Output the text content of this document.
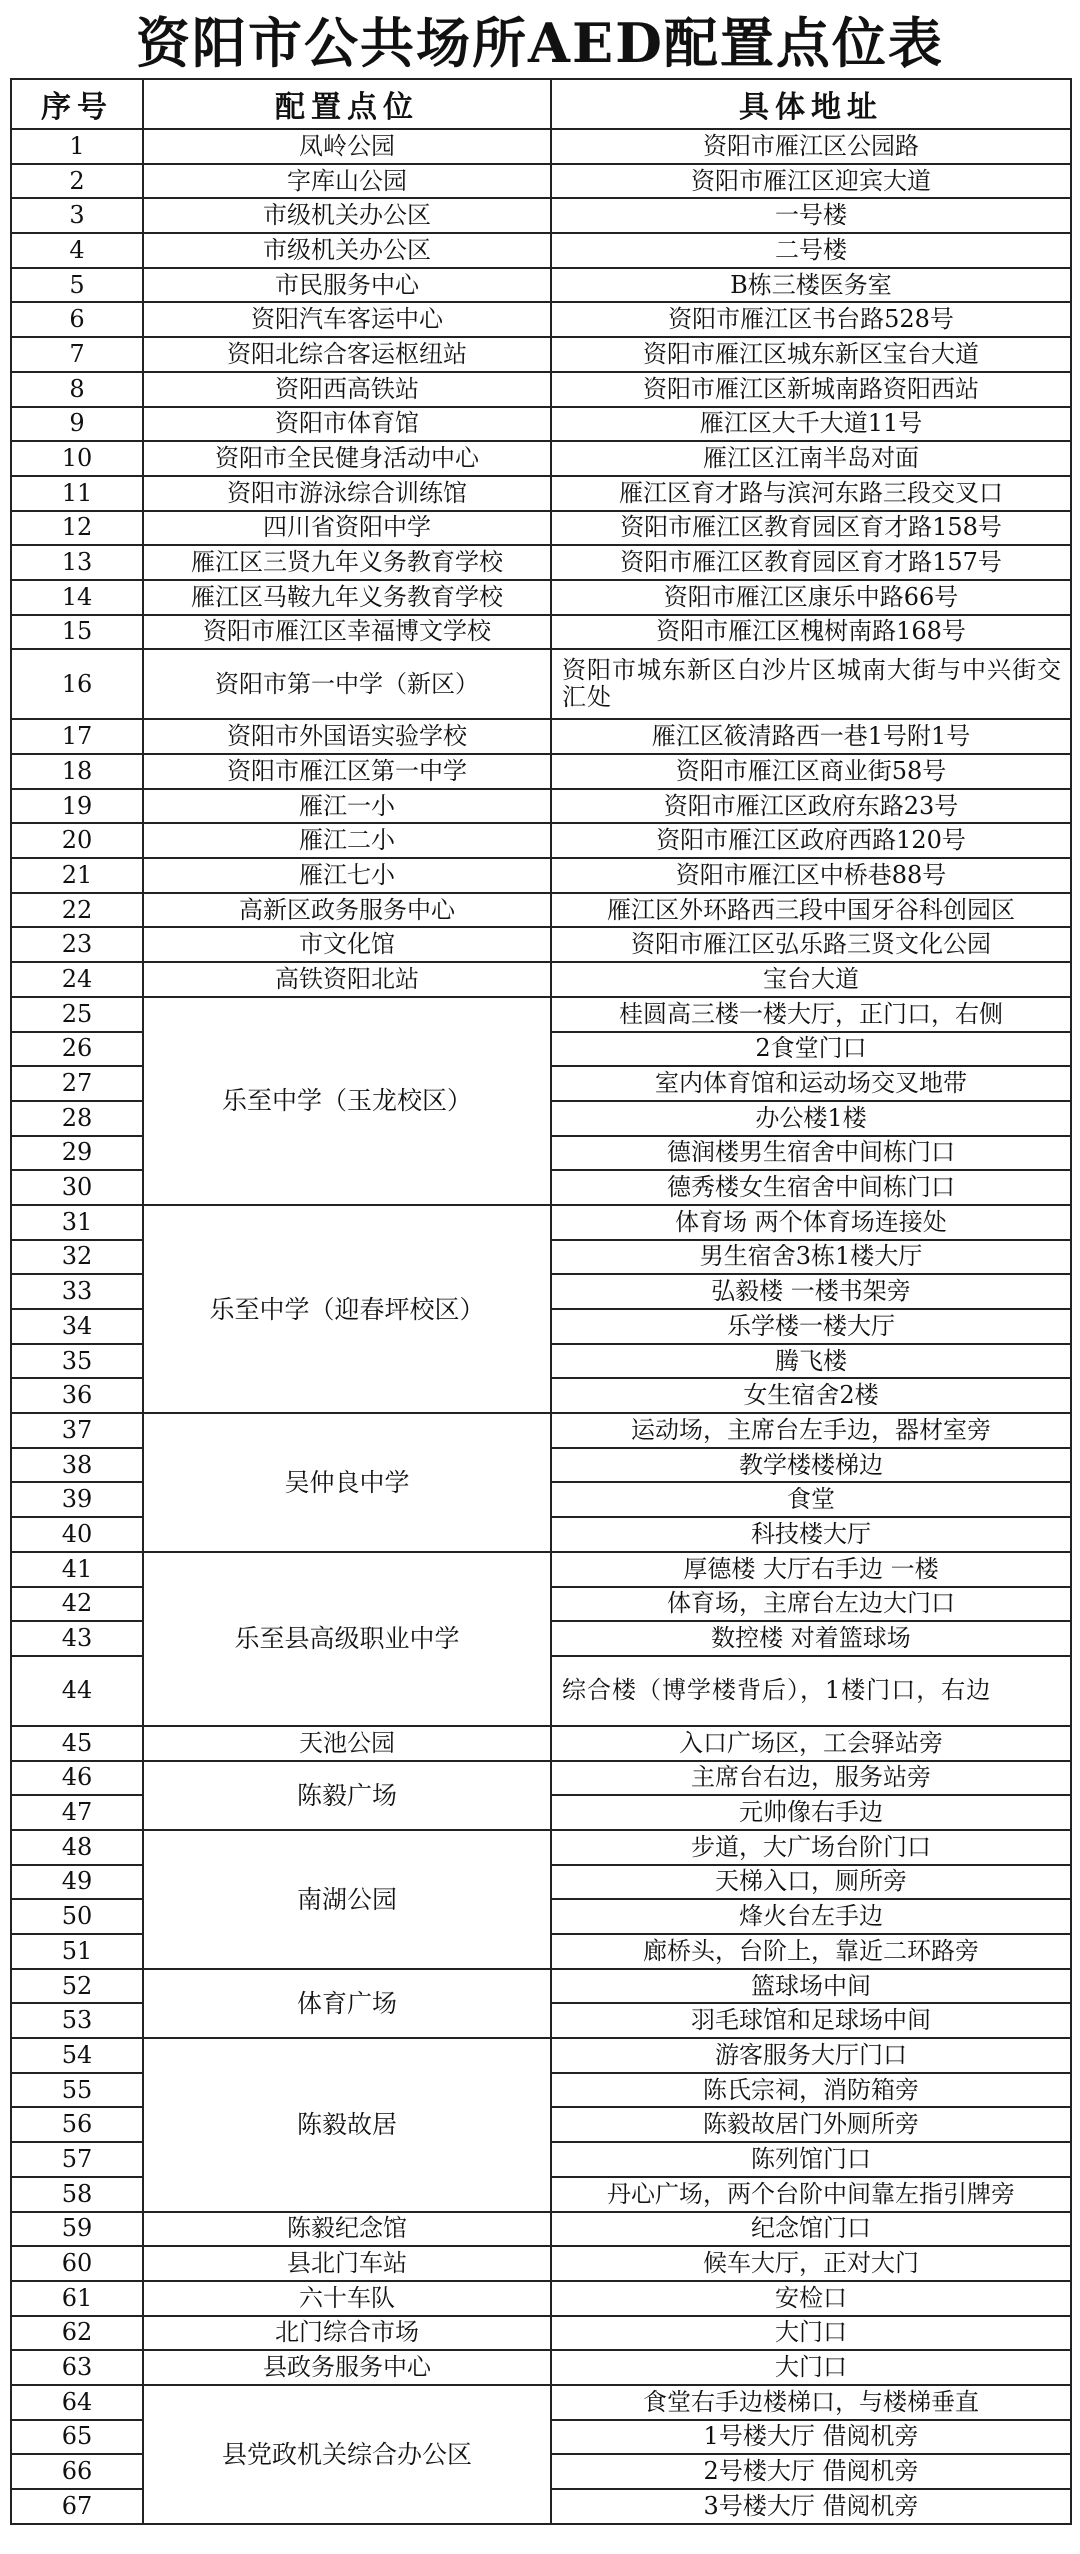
资阳市公共场所AED配置点位表
序号	配置点位	具体地址
1	凤岭公园	资阳市雁江区公园路
2	字库山公园	资阳市雁江区迎宾大道
3	市级机关办公区	一号楼
4	市级机关办公区	二号楼
5	市民服务中心	B栋三楼医务室
6	资阳汽车客运中心	资阳市雁江区书台路528号
7	资阳北综合客运枢纽站	资阳市雁江区城东新区宝台大道
8	资阳西高铁站	资阳市雁江区新城南路资阳西站
9	资阳市体育馆	雁江区大千大道11号
10	资阳市全民健身活动中心	雁江区江南半岛对面
11	资阳市游泳综合训练馆	雁江区育才路与滨河东路三段交叉口
12	四川省资阳中学	资阳市雁江区教育园区育才路158号
13	雁江区三贤九年义务教育学校	资阳市雁江区教育园区育才路157号
14	雁江区马鞍九年义务教育学校	资阳市雁江区康乐中路66号
15	资阳市雁江区幸福博文学校	资阳市雁江区槐树南路168号
16	资阳市第一中学（新区）	资阳市城东新区白沙片区城南大街与中兴街交汇处
17	资阳市外国语实验学校	雁江区筱清路西一巷1号附1号
18	资阳市雁江区第一中学	资阳市雁江区商业街58号
19	雁江一小	资阳市雁江区政府东路23号
20	雁江二小	资阳市雁江区政府西路120号
21	雁江七小	资阳市雁江区中桥巷88号
22	高新区政务服务中心	雁江区外环路西三段中国牙谷科创园区
23	市文化馆	资阳市雁江区弘乐路三贤文化公园
24	高铁资阳北站	宝台大道
25	乐至中学（玉龙校区）	桂圆高三楼一楼大厅，正门口，右侧
26		2食堂门口
27		室内体育馆和运动场交叉地带
28		办公楼1楼
29		德润楼男生宿舍中间栋门口
30		德秀楼女生宿舍中间栋门口
31	乐至中学（迎春坪校区）	体育场 两个体育场连接处
32		男生宿舍3栋1楼大厅
33		弘毅楼 一楼书架旁
34		乐学楼一楼大厅
35		腾飞楼
36		女生宿舍2楼
37	吴仲良中学	运动场，主席台左手边，器材室旁
38		教学楼楼梯边
39		食堂
40		科技楼大厅
41	乐至县高级职业中学	厚德楼 大厅右手边 一楼
42		体育场，主席台左边大门口
43		数控楼 对着篮球场
44		综合楼（博学楼背后），1楼门口，右边
45	天池公园	入口广场区，工会驿站旁
46	陈毅广场	主席台右边，服务站旁
47		元帅像右手边
48	南湖公园	步道，大广场台阶门口
49		天梯入口，厕所旁
50		烽火台左手边
51		廊桥头，台阶上，靠近二环路旁
52	体育广场	篮球场中间
53		羽毛球馆和足球场中间
54	陈毅故居	游客服务大厅门口
55		陈氏宗祠，消防箱旁
56		陈毅故居门外厕所旁
57		陈列馆门口
58		丹心广场，两个台阶中间靠左指引牌旁
59	陈毅纪念馆	纪念馆门口
60	县北门车站	候车大厅，正对大门
61	六十车队	安检口
62	北门综合市场	大门口
63	县政务服务中心	大门口
64	县党政机关综合办公区	食堂右手边楼梯口，与楼梯垂直
65		1号楼大厅 借阅机旁
66		2号楼大厅 借阅机旁
67		3号楼大厅 借阅机旁
